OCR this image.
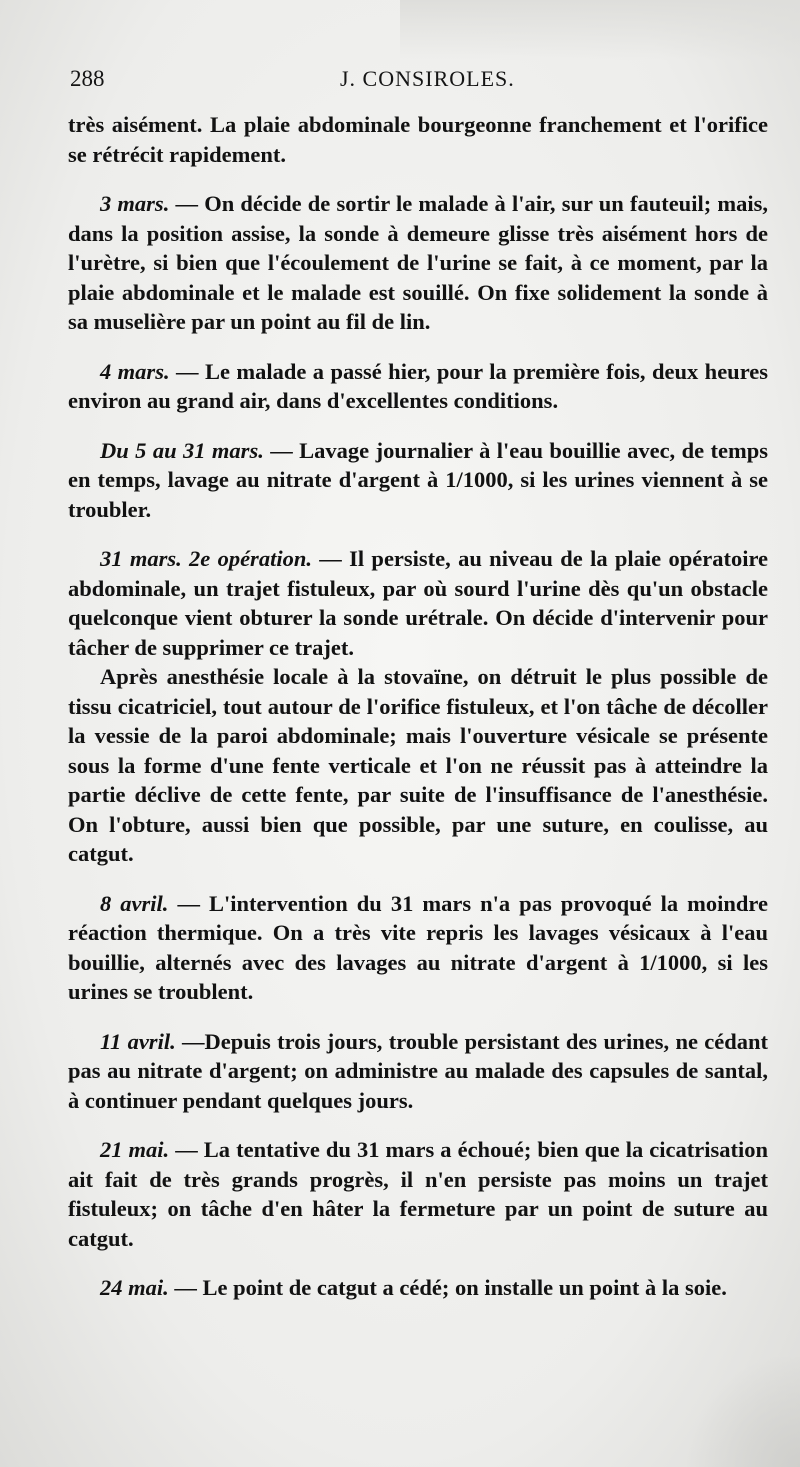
288	J. CONSIROLES.

très aisément. La plaie abdominale bourgeonne franchement et l'orifice se rétrécit rapidement.

3 mars. — On décide de sortir le malade à l'air, sur un fauteuil; mais, dans la position assise, la sonde à demeure glisse très aisément hors de l'urètre, si bien que l'écoulement de l'urine se fait, à ce moment, par la plaie abdominale et le malade est souillé. On fixe solidement la sonde à sa muselière par un point au fil de lin.

4 mars. — Le malade a passé hier, pour la première fois, deux heures environ au grand air, dans d'excellentes conditions.

Du 5 au 31 mars. — Lavage journalier à l'eau bouillie avec, de temps en temps, lavage au nitrate d'argent à 1/1000, si les urines viennent à se troubler.

31 mars. 2e opération. — Il persiste, au niveau de la plaie opératoire abdominale, un trajet fistuleux, par où sourd l'urine dès qu'un obstacle quelconque vient obturer la sonde urétrale. On décide d'intervenir pour tâcher de supprimer ce trajet.

Après anesthésie locale à la stovaïne, on détruit le plus possible de tissu cicatriciel, tout autour de l'orifice fistuleux, et l'on tâche de décoller la vessie de la paroi abdominale; mais l'ouverture vésicale se présente sous la forme d'une fente verticale et l'on ne réussit pas à atteindre la partie déclive de cette fente, par suite de l'insuffisance de l'anesthésie. On l'obture, aussi bien que possible, par une suture, en coulisse, au catgut.

8 avril. — L'intervention du 31 mars n'a pas provoqué la moindre réaction thermique. On a très vite repris les lavages vésicaux à l'eau bouillie, alternés avec des lavages au nitrate d'argent à 1/1000, si les urines se troublent.

11 avril. —Depuis trois jours, trouble persistant des urines, ne cédant pas au nitrate d'argent; on administre au malade des capsules de santal, à continuer pendant quelques jours.

21 mai. — La tentative du 31 mars a échoué; bien que la cicatrisation ait fait de très grands progrès, il n'en persiste pas moins un trajet fistuleux; on tâche d'en hâter la fermeture par un point de suture au catgut.

24 mai. — Le point de catgut a cédé; on installe un point à la soie.
